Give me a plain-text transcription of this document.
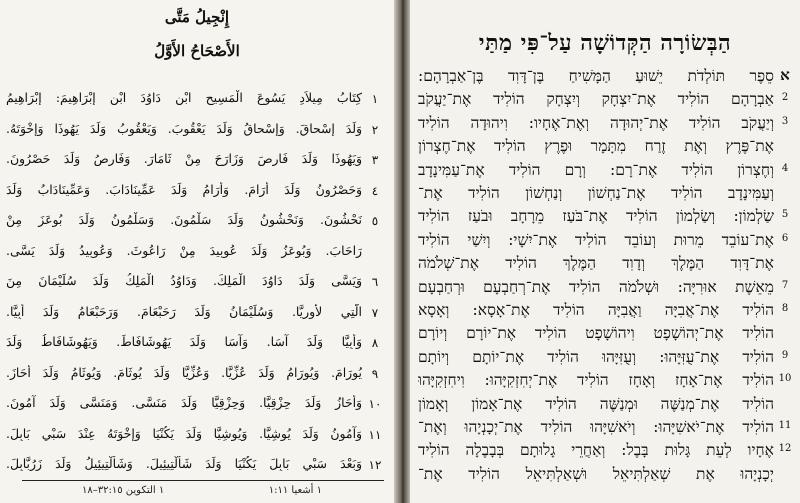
إِنْجِيلُ مَتَّى
الأَصْحَاحُ الأَوَّلُ
١
كِتَابُ مِيلاَدِ يَسُوعَ الْمَسِيحِ ابْنِ دَاوُدَ ابْنِ إِبْرَاهِيمَ: إِبْرَاهِيمُ
٢
وَلَدَ إِسْحاقَ. وَإِسْحاقُ وَلَدَ يَعْقُوبَ. وَيَعْقُوبُ وَلَدَ يَهُوذَا وَإِخْوَتَهُ.
٣
وَيَهُوذَا وَلَدَ فَارِصَ وَزَارَحَ مِنْ ثَامَارَ. وَفَارِصُ وَلَدَ حَصْرُونَ.
٤
وَحَصْرُونُ وَلَدَ أَرَامَ. وَأَرَامُ وَلَدَ عَمِّينَادَابَ. وَعَمِّينَادَابُ وَلَدَ
٥
نَحْشُونَ. وَنَحْشُونُ وَلَدَ سَلْمُونَ. وَسَلْمُونُ وَلَدَ بُوعَزَ مِنْ
رَاحَابَ. وَبُوعَزُ وَلَدَ عُوبِيدَ مِنْ رَاعُوثَ. وَعُوبِيدُ وَلَدَ يَسَّى.
٦
وَيَسَّى وَلَدَ دَاوُدَ الْمَلِكَ. وَدَاوُدُ الْمَلِكُ وَلَدَ سُلَيْمَانَ مِنَ
٧
الَّتِي لأُورِيَّا. وَسُلَيْمَانُ وَلَدَ رَحَبْعَامَ. وَرَحَبْعَامُ وَلَدَ أَبِيَّا.
٨
وَأَبِيَّا وَلَدَ آسَا. وَآسَا وَلَدَ يَهُوشَافَاطَ. وَيَهُوشَافَاطُ وَلَدَ
٩
يُورَامَ. وَيُورَامُ وَلَدَ عُزِّيَّا. وَعُزِّيَّا وَلَدَ يُوثَامَ. وَيُوثَامُ وَلَدَ أَحَازَ.
١٠
وَأَحَازُ وَلَدَ حِزْقِيَّا. وَحِزْقِيَّا وَلَدَ مَنَسَّى. وَمَنَسَّى وَلَدَ آمُونَ.
١١
وَآمُونُ وَلَدَ يُوشِيَّا. وَيُوشِيَّا وَلَدَ يَكُنْيَا وَإِخْوَتَهُ عِنْدَ سَبْيِ بَابِلَ.
١٢
وَبَعْدَ سَبْيِ بَابِلَ يَكُنْيَا وَلَدَ شَأَلْتِيئِيلَ. وَشَأَلْتِيئِيلُ وَلَدَ زَرُبَّابِلَ.
١ أشعيا ١:١١
١ التكوين ٣٢:١٥–١٨
הַבְּשׂוֹרָה הַקְּדוֹשָׁה עַל־פִּי מַתַּי
א
סֵפֶר תּוֹלְדֹת יֵשׁוּעַ הַמָּשִׁיחַ בֶּן־דָּוִד בֶּן־אַבְרָהָם:
2
אַבְרָהָם הוֹלִיד אֶת־יִצְחָק וְיִצְחָק הוֹלִיד אֶת־יַעֲקֹב
3
וְיַעֲקֹב הוֹלִיד אֶת־יְהוּדָה וְאֶת־אֶחָיו: וִיהוּדָה הוֹלִיד
אֶת־פֶּרֶץ וְאֶת זֶרַח מִתָּמָר וּפֶרֶץ הוֹלִיד אֶת־חֶצְרוֹן
4
וְחֶצְרוֹן הוֹלִיד אֶת־רָם: וְרָם הוֹלִיד אֶת־עַמִּינָדָב
וְעַמִּינָדָב הוֹלִיד אֶת־נַחְשׁוֹן וְנַחְשׁוֹן הוֹלִיד אֶת־
5
שַׂלְמוֹן: וְשַׂלְמוֹן הוֹלִיד אֶת־בֹּעַז מֵרָחָב וּבֹעַז הוֹלִיד
6
אֶת־עוֹבֵד מֵרוּת וְעוֹבֵד הוֹלִיד אֶת־יִשָׁי: וְיִשַׁי הוֹלִיד
אֶת־דָּוִד הַמֶּלֶךְ וְדָוִד הַמֶּלֶךְ הוֹלִיד אֶת־שְׁלֹמֹה
7
מֵאֵשֶׁת אוּרִיָּה: וּשְׁלֹמֹה הוֹלִיד אֶת־רְחַבְעָם וּרְחַבְעָם
8
הוֹלִיד אֶת־אֲבִיָּה וַאֲבִיָּה הוֹלִיד אֶת־אָסָא: וְאָסָא
הוֹלִיד אֶת־יְהוֹשָׁפָט וִיהוֹשָׁפָט הוֹלִיד אֶת־יוֹרָם וְיוֹרָם
9
הוֹלִיד אֶת־עֻזִּיָּהוּ: וְעֻזִּיָּהוּ הוֹלִיד אֶת־יוֹתָם וְיוֹתָם
10
הוֹלִיד אֶת־אָחָז וְאָחָז הוֹלִיד אֶת־יְחִזְקִיָּהוּ: וִיחִזְקִיָּהוּ
הוֹלִיד אֶת־מְנַשֶּׁה וּמְנַשֶּׁה הוֹלִיד אֶת־אָמוֹן וְאָמוֹן
11
הוֹלִיד אֶת־יֹאשִׁיָּהוּ: וְיֹאשִׁיָּהוּ הוֹלִיד אֶת־יְכָנְיָהוּ וְאֶת־
12
אֶחָיו לְעֵת גָּלוּת בָּבֶל: וְאַחֲרֵי גָלוּתָם בְּבָבֶלָה הוֹלִיד
יְכָנְיָהוּ אֶת שְׁאַלְתִּיאֵל וּשְׁאַלְתִּיאֵל הוֹלִיד אֶת־
